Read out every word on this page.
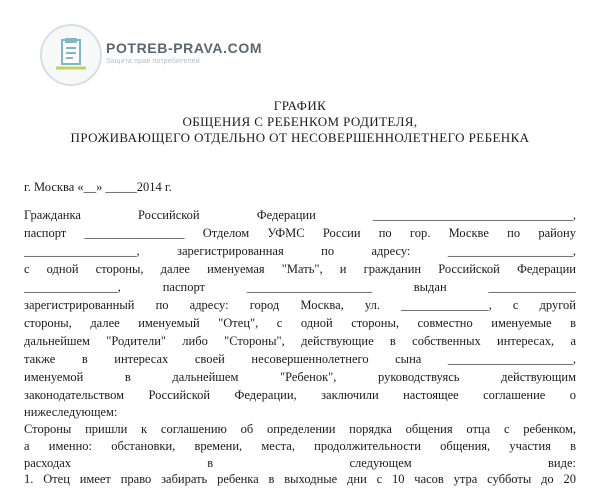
POTREB-PRAVA.COM
Защита прав потребителей
ГРАФИК
ОБЩЕНИЯ С РЕБЕНКОМ РОДИТЕЛЯ,
ПРОЖИВАЮЩЕГО ОТДЕЛЬНО ОТ НЕСОВЕРШЕННОЛЕТНЕГО РЕБЕНКА
г. Москва «__» _____2014 г.
Гражданка Российской Федерации ________________________________,
паспорт ________________ Отделом УФМС России по гор. Москве по району
__________________, зарегистрированная по адресу: ____________________,
с одной стороны, далее именуемая "Мать", и гражданин Российской Федерации
_______________, паспорт ____________________ выдан ______________
зарегистрированный по адресу: город Москва, ул. ______________, с другой
стороны, далее именуемый "Отец", с одной стороны, совместно именуемые в
дальнейшем "Родители" либо "Стороны", действующие в собственных интересах, а
также в интересах своей несовершеннолетнего сына ____________________,
именуемой в дальнейшем "Ребенок", руководствуясь действующим
законодательством Российской Федерации, заключили настоящее соглашение о
нижеследующем:
Стороны пришли к соглашению об определении порядка общения отца с ребенком,
а именно: обстановки, времени, места, продолжительности общения, участия в
расходах в следующем виде:
1. Отец имеет право забирать ребенка в выходные дни с 10 часов утра субботы до 20
